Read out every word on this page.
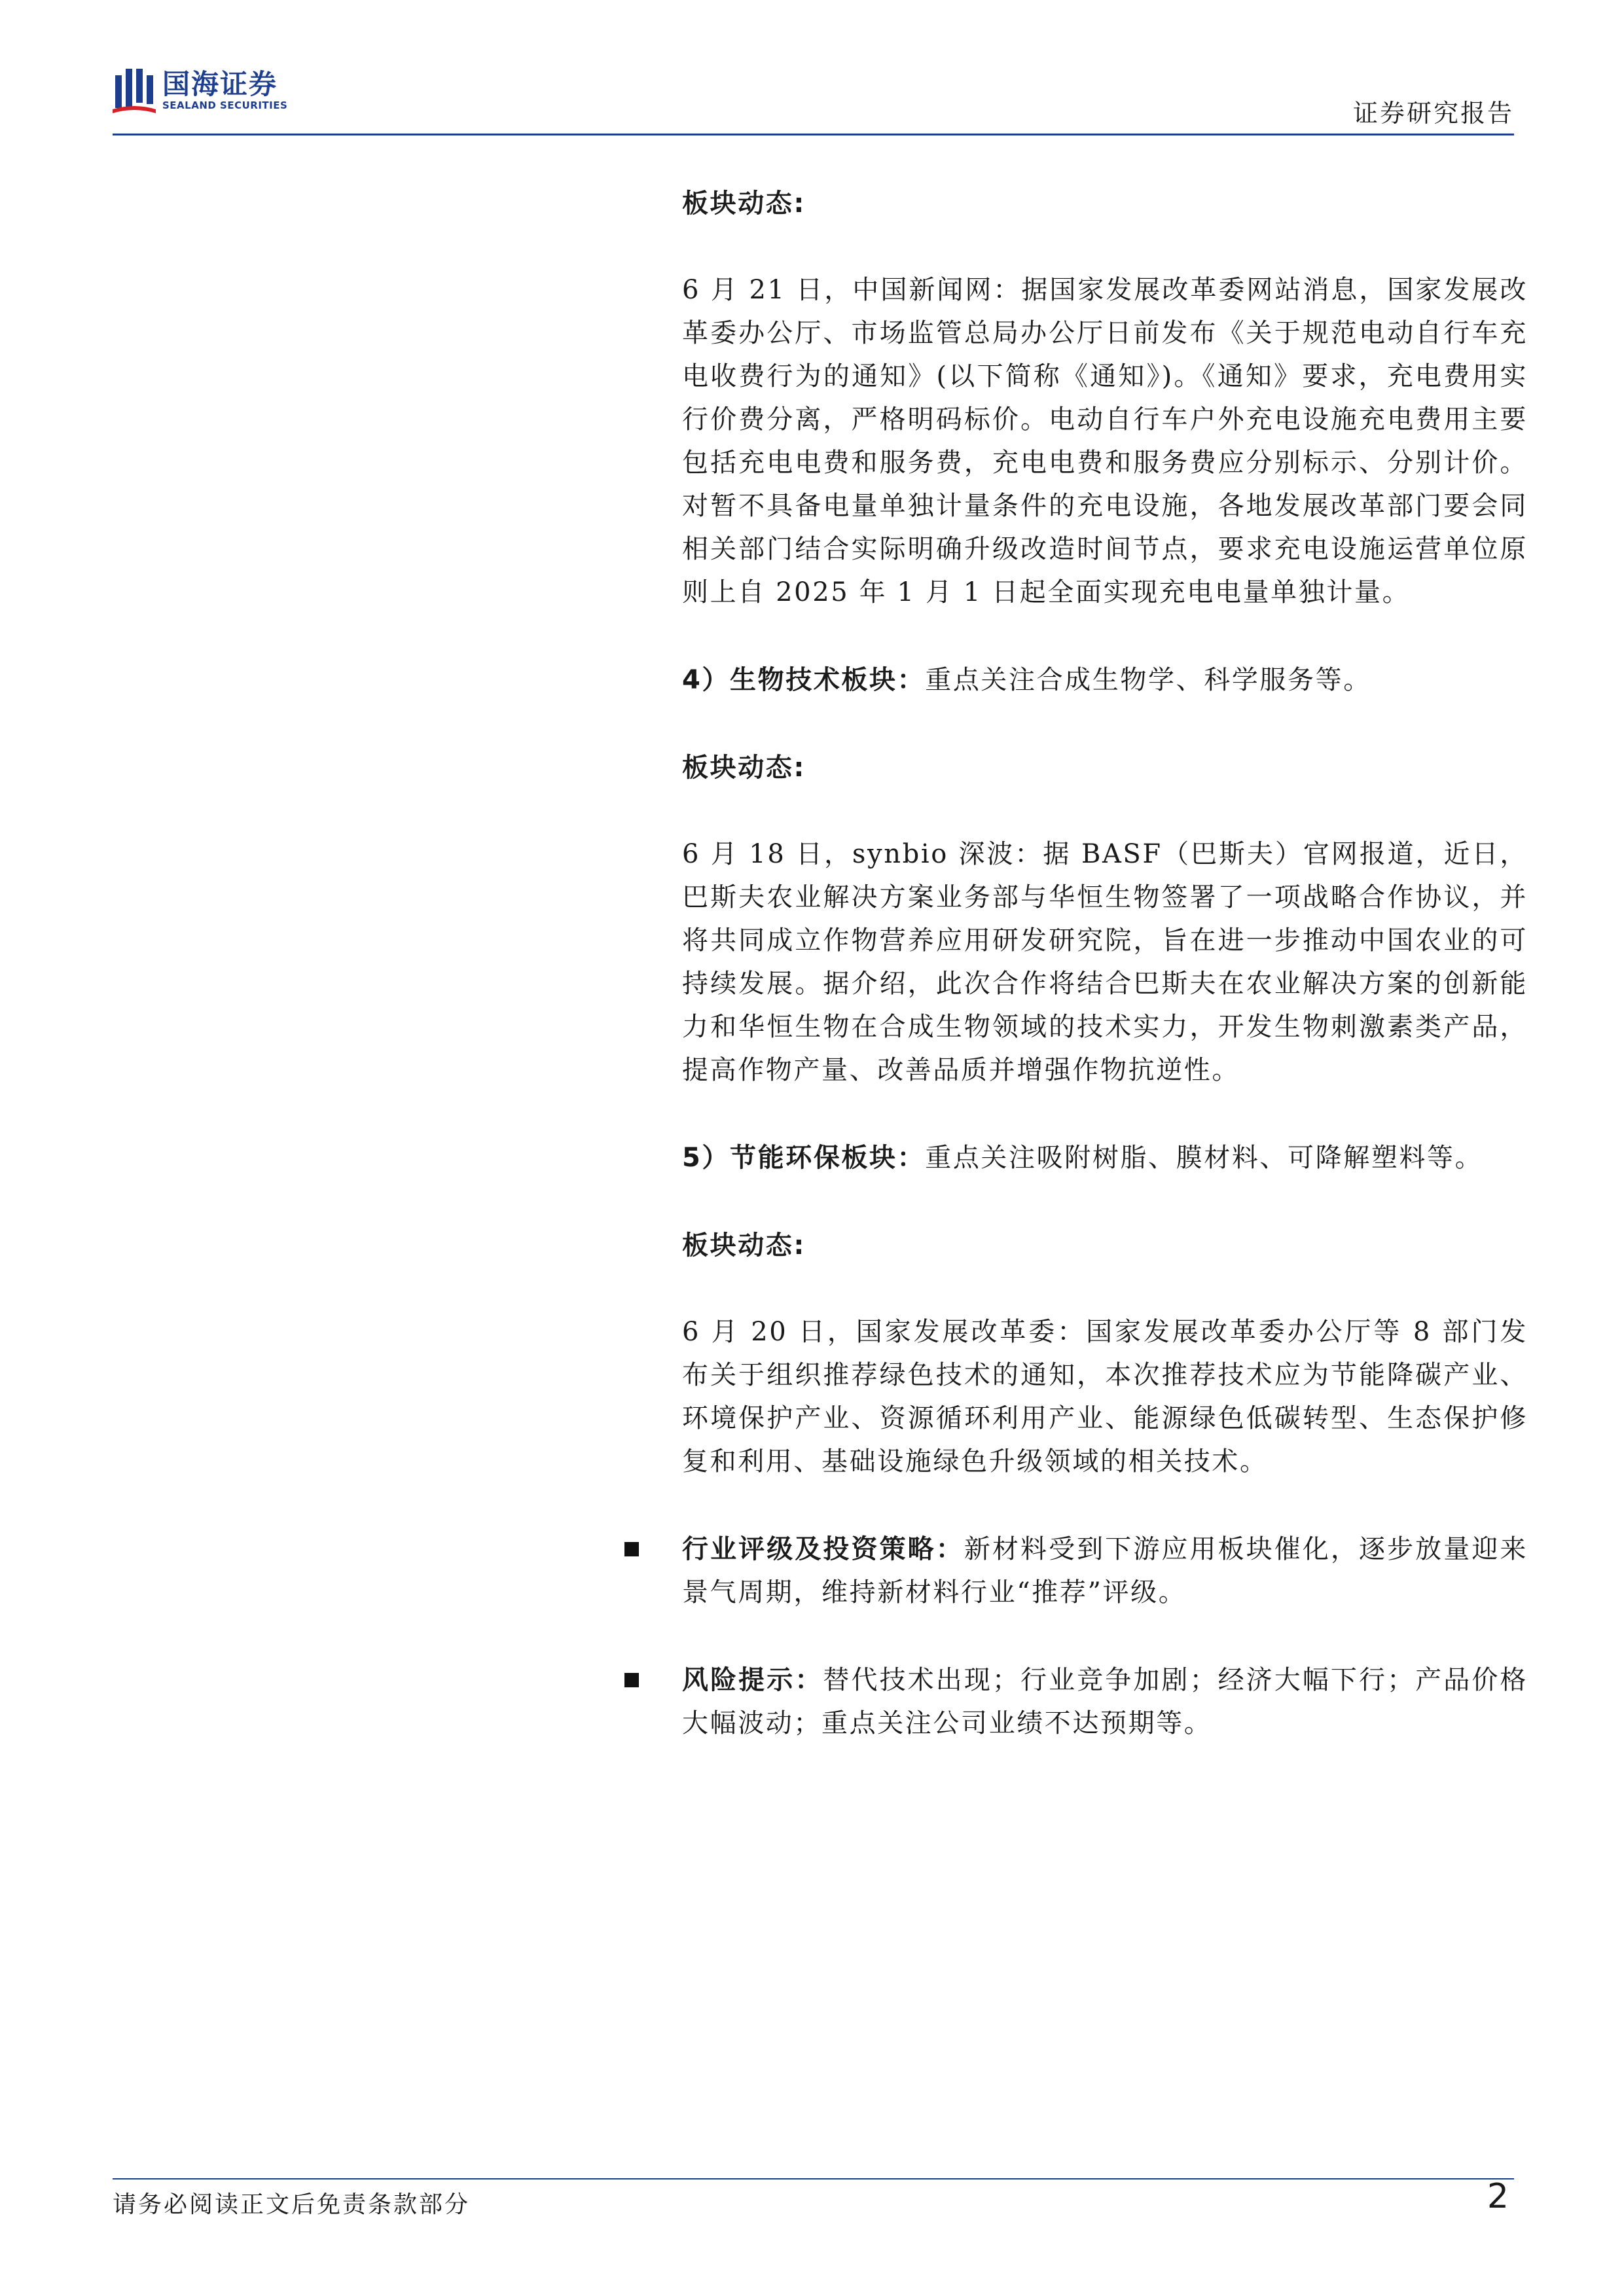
国海证券
SEALAND SECURITIES	证券研究报告

板块动态:

6 月 21 日，中国新闻网：据国家发展改革委网站消息，国家发展改革委办公厅、市场监管总局办公厅日前发布《关于规范电动自行车充电收费行为的通知》(以下简称《通知》)。《通知》要求，充电费用实行价费分离，严格明码标价。电动自行车户外充电设施充电费用主要包括充电电费和服务费，充电电费和服务费应分别标示、分别计价。对暂不具备电量单独计量条件的充电设施，各地发展改革部门要会同相关部门结合实际明确升级改造时间节点，要求充电设施运营单位原则上自 2025 年 1 月 1 日起全面实现充电电量单独计量。

4）生物技术板块：重点关注合成生物学、科学服务等。

板块动态:

6 月 18 日，synbio 深波：据 BASF（巴斯夫）官网报道，近日，巴斯夫农业解决方案业务部与华恒生物签署了一项战略合作协议，并将共同成立作物营养应用研发研究院，旨在进一步推动中国农业的可持续发展。据介绍，此次合作将结合巴斯夫在农业解决方案的创新能力和华恒生物在合成生物领域的技术实力，开发生物刺激素类产品，提高作物产量、改善品质并增强作物抗逆性。

5）节能环保板块：重点关注吸附树脂、膜材料、可降解塑料等。

板块动态:

6 月 20 日，国家发展改革委：国家发展改革委办公厅等 8 部门发布关于组织推荐绿色技术的通知，本次推荐技术应为节能降碳产业、环境保护产业、资源循环利用产业、能源绿色低碳转型、生态保护修复和利用、基础设施绿色升级领域的相关技术。

行业评级及投资策略：新材料受到下游应用板块催化，逐步放量迎来景气周期，维持新材料行业“推荐”评级。

风险提示：替代技术出现；行业竞争加剧；经济大幅下行；产品价格大幅波动；重点关注公司业绩不达预期等。

请务必阅读正文后免责条款部分	2
